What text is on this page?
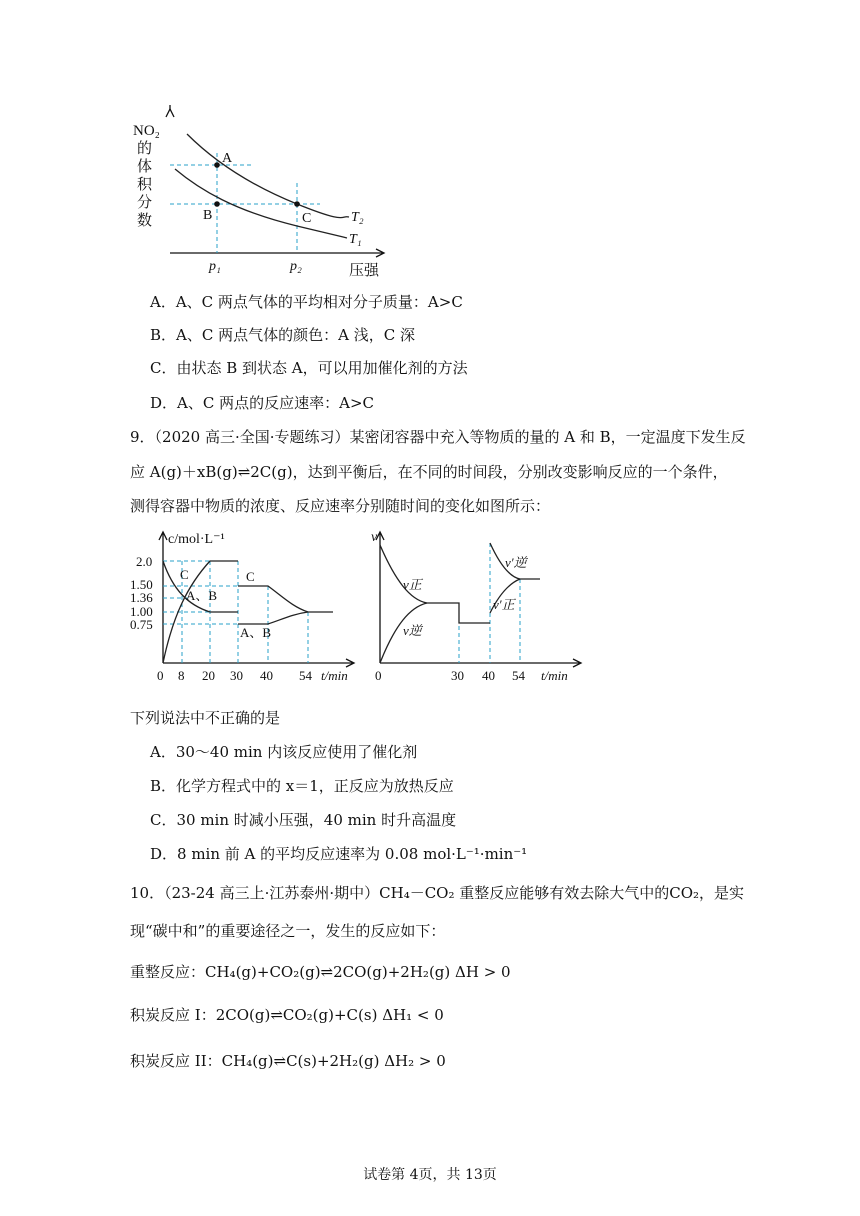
NO₂
的
体
积
分
数
A
B	C	T₂
T₁
p₁	p₂	压强
A．A、C 两点气体的平均相对分子质量：A>C
B．A、C 两点气体的颜色：A 浅，C 深
C．由状态 B 到状态 A，可以用加催化剂的方法
D．A、C 两点的反应速率：A>C
9．（2020 高三·全国·专题练习）某密闭容器中充入等物质的量的 A 和 B，一定温度下发生反
应 A(g)＋xB(g)⇌2C(g)，达到平衡后，在不同的时间段，分别改变影响反应的一个条件，
测得容器中物质的浓度、反应速率分别随时间的变化如图所示：
c/mol·L⁻¹
2.0
1.50
1.36
1.00
0.75
0 8 20 30 40 54 t/min
C
A、B
C
A、B
v
v正
v逆
v′逆
v′正
0	30 40 54 t/min
下列说法中不正确的是
A．30～40 min 内该反应使用了催化剂
B．化学方程式中的 x＝1，正反应为放热反应
C．30 min 时减小压强，40 min 时升高温度
D．8 min 前 A 的平均反应速率为 0.08 mol·L⁻¹·min⁻¹
10．（23-24 高三上·江苏泰州·期中）CH₄－CO₂ 重整反应能够有效去除大气中的CO₂，是实
现“碳中和”的重要途径之一，发生的反应如下：
重整反应：CH₄(g)+CO₂(g)⇌2CO(g)+2H₂(g) ΔH > 0
积炭反应 I：2CO(g)⇌CO₂(g)+C(s) ΔH₁ < 0
积炭反应 II：CH₄(g)⇌C(s)+2H₂(g) ΔH₂ > 0
试卷第 4页，共 13页
